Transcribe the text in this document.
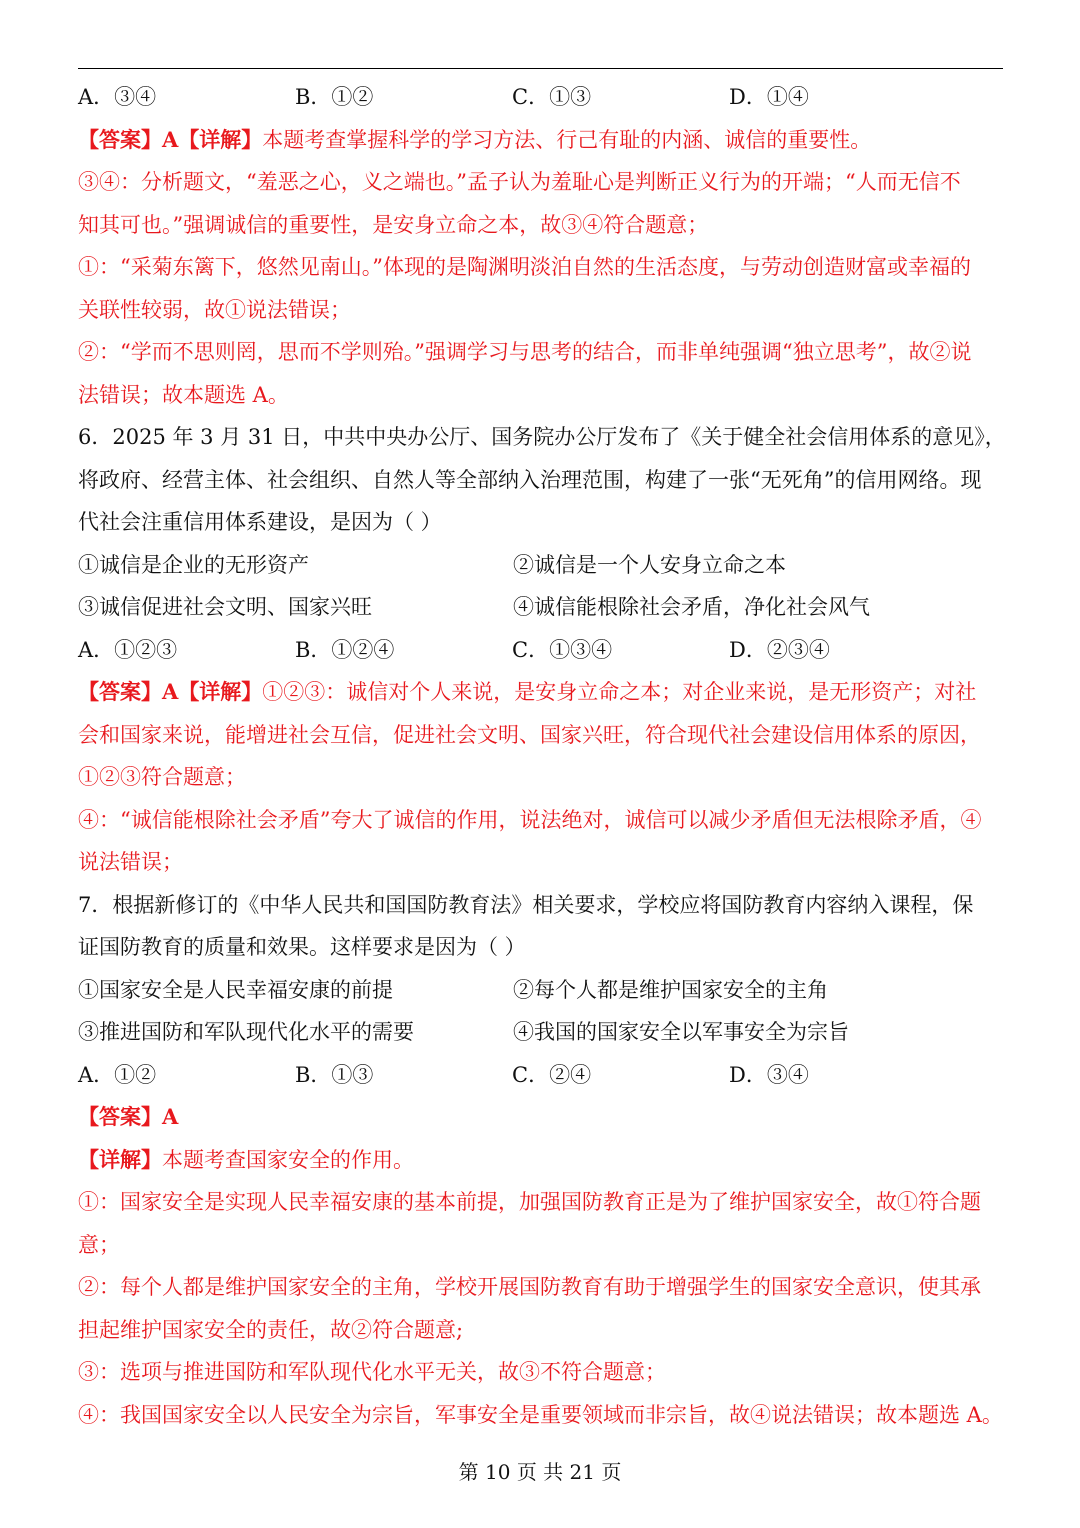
A．③④	B．①②	C．①③	D．①④
【答案】A【详解】本题考查掌握科学的学习方法、行己有耻的内涵、诚信的重要性。
③④：分析题文，“羞恶之心，义之端也。”孟子认为羞耻心是判断正义行为的开端；“人而无信不
知其可也。”强调诚信的重要性，是安身立命之本，故③④符合题意；
①：“采菊东篱下，悠然见南山。”体现的是陶渊明淡泊自然的生活态度，与劳动创造财富或幸福的
关联性较弱，故①说法错误；
②：“学而不思则罔，思而不学则殆。”强调学习与思考的结合，而非单纯强调“独立思考”，故②说
法错误；故本题选 A。
6．2025 年 3 月 31 日，中共中央办公厅、国务院办公厅发布了《关于健全社会信用体系的意见》，
将政府、经营主体、社会组织、自然人等全部纳入治理范围，构建了一张“无死角”的信用网络。现
代社会注重信用体系建设，是因为（ ）
①诚信是企业的无形资产	②诚信是一个人安身立命之本
③诚信促进社会文明、国家兴旺	④诚信能根除社会矛盾，净化社会风气
A．①②③	B．①②④	C．①③④	D．②③④
【答案】A【详解】①②③：诚信对个人来说，是安身立命之本；对企业来说，是无形资产；对社
会和国家来说，能增进社会互信，促进社会文明、国家兴旺，符合现代社会建设信用体系的原因，
①②③符合题意；
④：“诚信能根除社会矛盾”夸大了诚信的作用，说法绝对，诚信可以减少矛盾但无法根除矛盾，④
说法错误；
7．根据新修订的《中华人民共和国国防教育法》相关要求，学校应将国防教育内容纳入课程，保
证国防教育的质量和效果。这样要求是因为（ ）
①国家安全是人民幸福安康的前提	②每个人都是维护国家安全的主角
③推进国防和军队现代化水平的需要	④我国的国家安全以军事安全为宗旨
A．①②	B．①③	C．②④	D．③④
【答案】A
【详解】本题考查国家安全的作用。
①：国家安全是实现人民幸福安康的基本前提，加强国防教育正是为了维护国家安全，故①符合题
意；
②：每个人都是维护国家安全的主角，学校开展国防教育有助于增强学生的国家安全意识，使其承
担起维护国家安全的责任，故②符合题意;
③：选项与推进国防和军队现代化水平无关，故③不符合题意；
④：我国国家安全以人民安全为宗旨，军事安全是重要领域而非宗旨，故④说法错误；故本题选 A。
第 10 页 共 21 页
